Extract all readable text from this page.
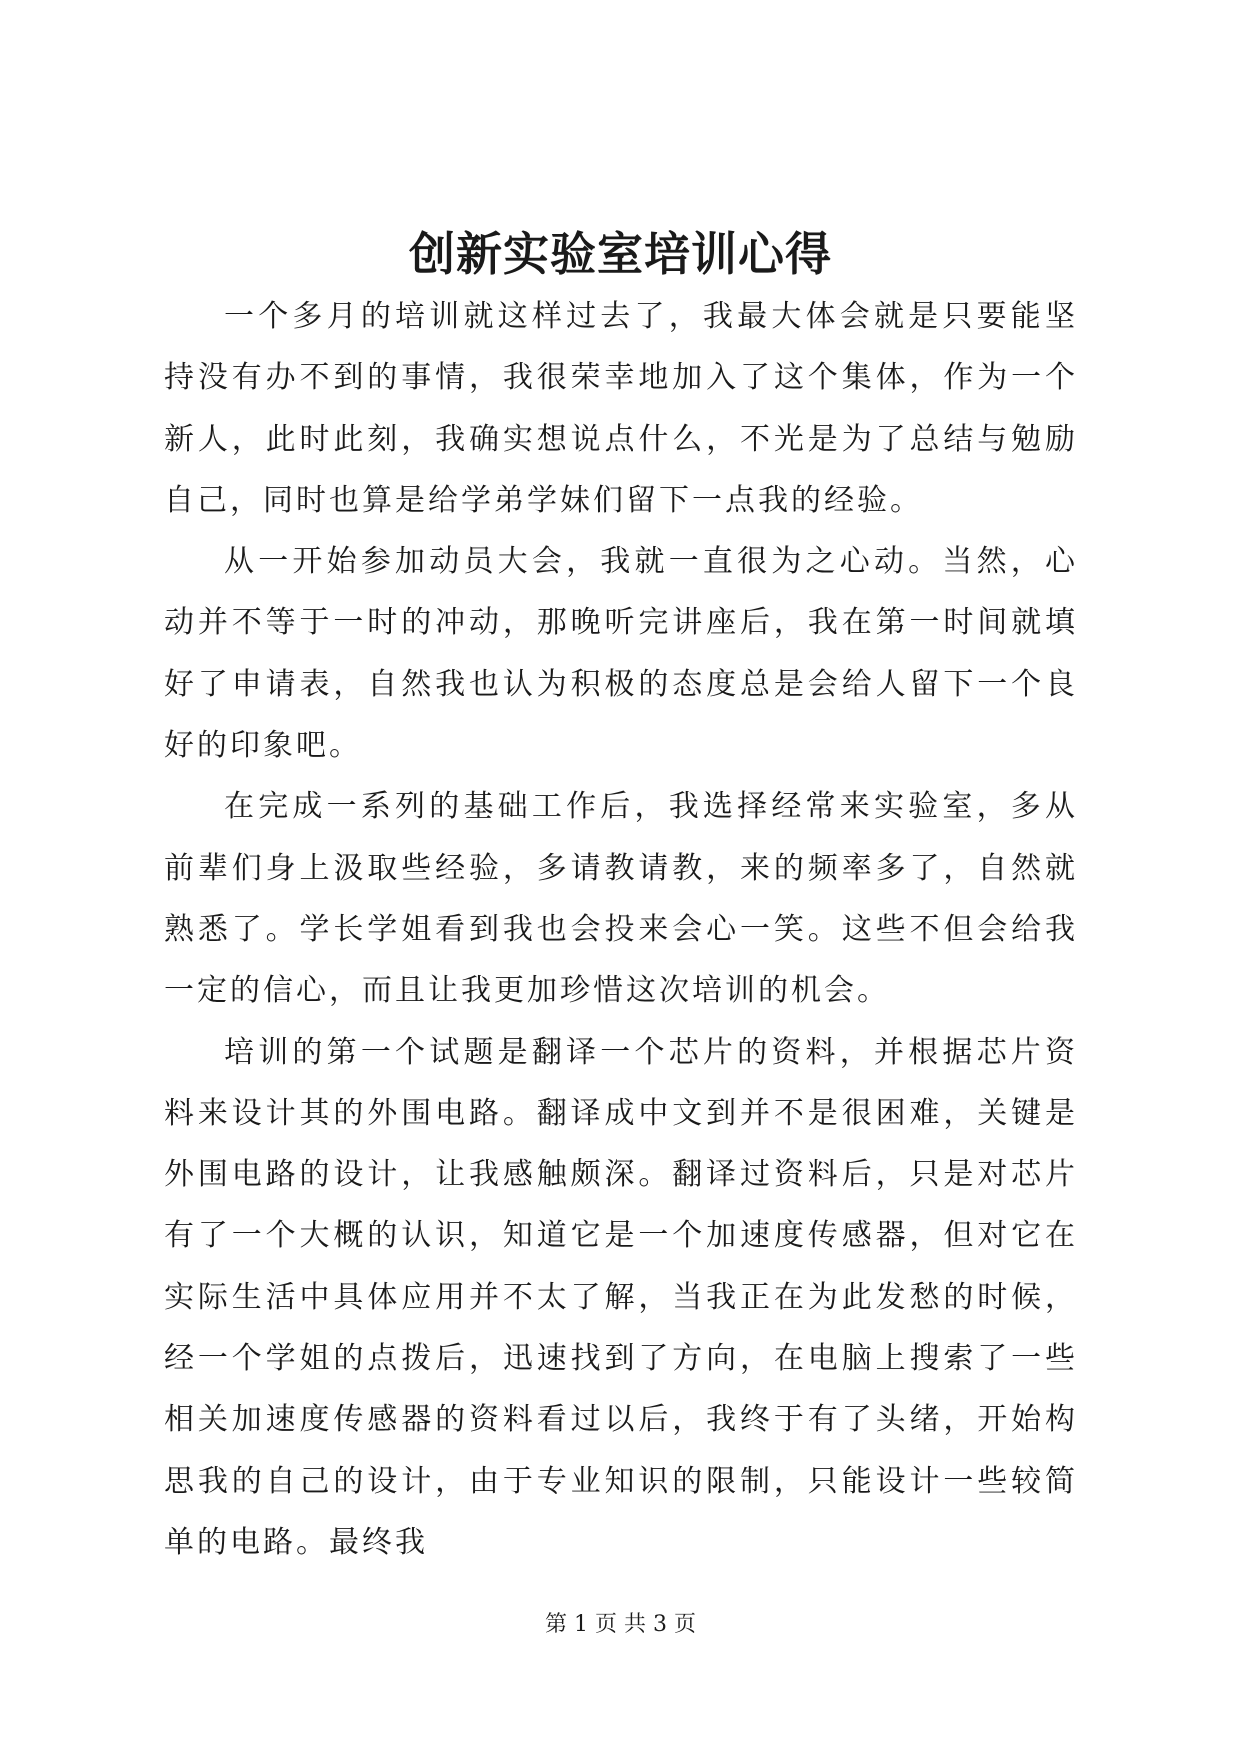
创新实验室培训心得

一个多月的培训就这样过去了，我最大体会就是只要能坚持没有办不到的事情，我很荣幸地加入了这个集体，作为一个新人，此时此刻，我确实想说点什么，不光是为了总结与勉励自己，同时也算是给学弟学妹们留下一点我的经验。

从一开始参加动员大会，我就一直很为之心动。当然，心动并不等于一时的冲动，那晚听完讲座后，我在第一时间就填好了申请表，自然我也认为积极的态度总是会给人留下一个良好的印象吧。

在完成一系列的基础工作后，我选择经常来实验室，多从前辈们身上汲取些经验，多请教请教，来的频率多了，自然就熟悉了。学长学姐看到我也会投来会心一笑。这些不但会给我一定的信心，而且让我更加珍惜这次培训的机会。

培训的第一个试题是翻译一个芯片的资料，并根据芯片资料来设计其的外围电路。翻译成中文到并不是很困难，关键是外围电路的设计，让我感触颇深。翻译过资料后，只是对芯片有了一个大概的认识，知道它是一个加速度传感器，但对它在实际生活中具体应用并不太了解，当我正在为此发愁的时候，经一个学姐的点拨后，迅速找到了方向，在电脑上搜索了一些相关加速度传感器的资料看过以后，我终于有了头绪，开始构思我的自己的设计，由于专业知识的限制，只能设计一些较简单的电路。最终我

第 1 页 共 3 页
